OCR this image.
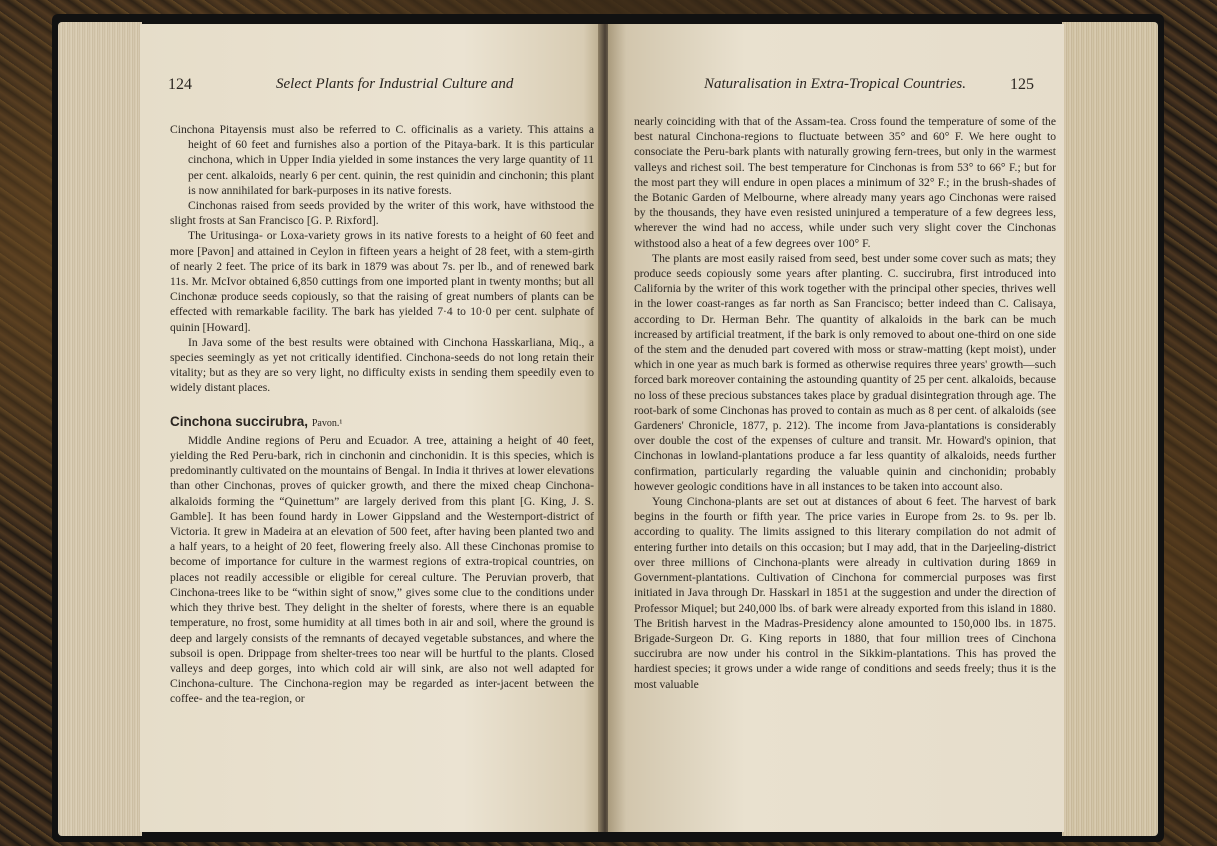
124	Select Plants for Industrial Culture and

Cinchona Pitayensis must also be referred to C. officinalis as a variety. This attains a height of 60 feet and furnishes also a portion of the Pitaya-bark. It is this particular cinchona, which in Upper India yielded in some instances the very large quantity of 11 per cent. alkaloids, nearly 6 per cent. quinin, the rest quinidin and cinchonin; this plant is now annihilated for bark-purposes in its native forests.

Cinchonas raised from seeds provided by the writer of this work, have withstood the slight frosts at San Francisco [G. P. Rixford].

The Uritusinga- or Loxa-variety grows in its native forests to a height of 60 feet and more [Pavon] and attained in Ceylon in fifteen years a height of 28 feet, with a stem-girth of nearly 2 feet. The price of its bark in 1879 was about 7s. per lb., and of renewed bark 11s. Mr. McIvor obtained 6,850 cuttings from one imported plant in twenty months; but all Cinchonæ produce seeds copiously, so that the raising of great numbers of plants can be effected with remarkable facility. The bark has yielded 7·4 to 10·0 per cent. sulphate of quinin [Howard].

In Java some of the best results were obtained with Cinchona Hasskarliana, Miq., a species seemingly as yet not critically identified. Cinchona-seeds do not long retain their vitality; but as they are so very light, no difficulty exists in sending them speedily even to widely distant places.

Cinchona succirubra, Pavon.¹

Middle Andine regions of Peru and Ecuador. A tree, attaining a height of 40 feet, yielding the Red Peru-bark, rich in cinchonin and cinchonidin. It is this species, which is predominantly cultivated on the mountains of Bengal. In India it thrives at lower elevations than other Cinchonas, proves of quicker growth, and there the mixed cheap Cinchona-alkaloids forming the “Quinettum” are largely derived from this plant [G. King, J. S. Gamble]. It has been found hardy in Lower Gippsland and the Westernport-district of Victoria. It grew in Madeira at an elevation of 500 feet, after having been planted two and a half years, to a height of 20 feet, flowering freely also. All these Cinchonas promise to become of importance for culture in the warmest regions of extra-tropical countries, on places not readily accessible or eligible for cereal culture. The Peruvian proverb, that Cinchona-trees like to be “within sight of snow,” gives some clue to the conditions under which they thrive best. They delight in the shelter of forests, where there is an equable temperature, no frost, some humidity at all times both in air and soil, where the ground is deep and largely consists of the remnants of decayed vegetable substances, and where the subsoil is open. Drippage from shelter-trees too near will be hurtful to the plants. Closed valleys and deep gorges, into which cold air will sink, are also not well adapted for Cinchona-culture. The Cinchona-region may be regarded as inter-jacent between the coffee- and the tea-region, or

Naturalisation in Extra-Tropical Countries.	125

nearly coinciding with that of the Assam-tea. Cross found the temperature of some of the best natural Cinchona-regions to fluctuate between 35° and 60° F. We here ought to consociate the Peru-bark plants with naturally growing fern-trees, but only in the warmest valleys and richest soil. The best temperature for Cinchonas is from 53° to 66° F.; but for the most part they will endure in open places a minimum of 32° F.; in the brush-shades of the Botanic Garden of Melbourne, where already many years ago Cinchonas were raised by the thousands, they have even resisted uninjured a temperature of a few degrees less, wherever the wind had no access, while under such very slight cover the Cinchonas withstood also a heat of a few degrees over 100° F.

The plants are most easily raised from seed, best under some cover such as mats; they produce seeds copiously some years after planting. C. succirubra, first introduced into California by the writer of this work together with the principal other species, thrives well in the lower coast-ranges as far north as San Francisco; better indeed than C. Calisaya, according to Dr. Herman Behr. The quantity of alkaloids in the bark can be much increased by artificial treatment, if the bark is only removed to about one-third on one side of the stem and the denuded part covered with moss or straw-matting (kept moist), under which in one year as much bark is formed as otherwise requires three years' growth—such forced bark moreover containing the astounding quantity of 25 per cent. alkaloids, because no loss of these precious substances takes place by gradual disintegration through age. The root-bark of some Cinchonas has proved to contain as much as 8 per cent. of alkaloids (see Gardeners' Chronicle, 1877, p. 212). The income from Java-plantations is considerably over double the cost of the expenses of culture and transit. Mr. Howard's opinion, that Cinchonas in lowland-plantations produce a far less quantity of alkaloids, needs further confirmation, particularly regarding the valuable quinin and cinchonidin; probably however geologic conditions have in all instances to be taken into account also.

Young Cinchona-plants are set out at distances of about 6 feet. The harvest of bark begins in the fourth or fifth year. The price varies in Europe from 2s. to 9s. per lb. according to quality. The limits assigned to this literary compilation do not admit of entering further into details on this occasion; but I may add, that in the Darjeeling-district over three millions of Cinchona-plants were already in cultivation during 1869 in Government-plantations. Cultivation of Cinchona for commercial purposes was first initiated in Java through Dr. Hasskarl in 1851 at the suggestion and under the direction of Professor Miquel; but 240,000 lbs. of bark were already exported from this island in 1880. The British harvest in the Madras-Presidency alone amounted to 150,000 lbs. in 1875. Brigade-Surgeon Dr. G. King reports in 1880, that four million trees of Cinchona succirubra are now under his control in the Sikkim-plantations. This has proved the hardiest species; it grows under a wide range of conditions and seeds freely; thus it is the most valuable
